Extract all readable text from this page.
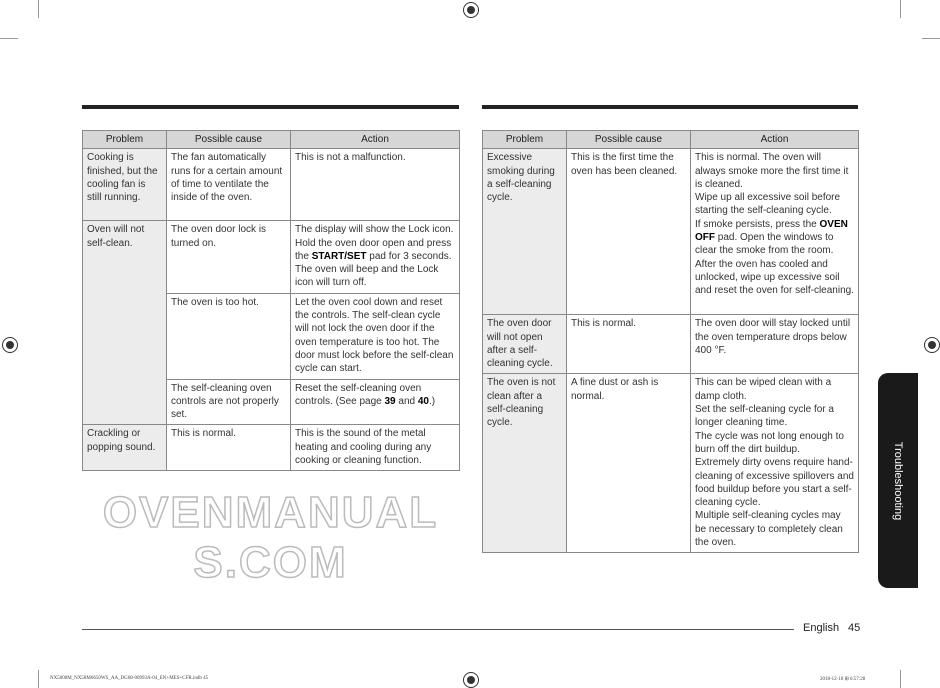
Problem	Possible cause	Action
Cooking is finished, but the cooling fan is still running.	The fan automatically runs for a certain amount of time to ventilate the inside of the oven.	This is not a malfunction.
Oven will not self-clean.	The oven door lock is turned on.	The display will show the Lock icon. Hold the oven door open and press the START/SET pad for 3 seconds. The oven will beep and the Lock icon will turn off.
	The oven is too hot.	Let the oven cool down and reset the controls. The self-clean cycle will not lock the oven door if the oven temperature is too hot. The door must lock before the self-clean cycle can start.
	The self-cleaning oven controls are not properly set.	Reset the self-cleaning oven controls. (See page 39 and 40.)
Crackling or popping sound.	This is normal.	This is the sound of the metal heating and cooling during any cooking or cleaning function.
Problem	Possible cause	Action
Excessive smoking during a self-cleaning cycle.	This is the first time the oven has been cleaned.	This is normal. The oven will always smoke more the first time it is cleaned.
Wipe up all excessive soil before starting the self-cleaning cycle.
If smoke persists, press the OVEN OFF pad. Open the windows to clear the smoke from the room.
After the oven has cooled and unlocked, wipe up excessive soil and reset the oven for self-cleaning.

The oven door will not open after a self-cleaning cycle.	This is normal.	The oven door will stay locked until the oven temperature drops below 400 °F.
The oven is not clean after a self-cleaning cycle.	A fine dust or ash is normal.	This can be wiped clean with a damp cloth.
Set the self-cleaning cycle for a longer cleaning time.
The cycle was not long enough to burn off the dirt buildup.
Extremely dirty ovens require hand-cleaning of excessive spillovers and food buildup before you start a self-cleaning cycle.
Multiple self-cleaning cycles may be necessary to completely clean the oven.
OVENMANUALS.COM
Troubleshooting
English 45
NX5000M_NX58M6650WS_AA_DG68-00993A-04_EN+MES+CFR.indb 45	2018-12-18 ⊞ 6:57:28
